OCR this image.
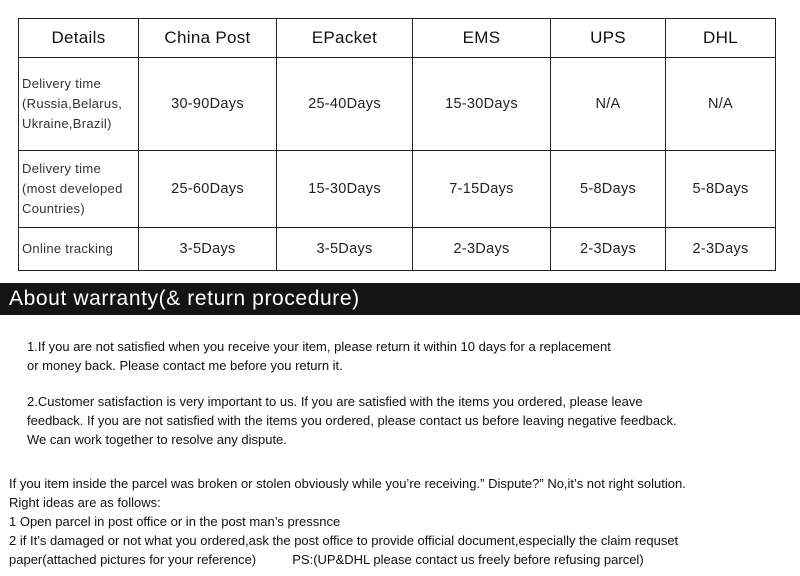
Details	China Post	EPacket	EMS	UPS	DHL

Delivery time
(Russia,Belarus,
Ukraine,Brazil)	30-90Days	25-40Days	15-30Days	N/A	N/A

Delivery time
(most developed
Countries)	25-60Days	15-30Days	7-15Days	5-8Days	5-8Days

Online tracking	3-5Days	3-5Days	2-3Days	2-3Days	2-3Days
About warranty(& return procedure)
1.If you are not satisfied when you receive your item, please return it within 10 days for a replacement
or money back. Please contact me before you return it.
2.Customer satisfaction is very important to us. If you are satisfied with the items you ordered, please leave
feedback. If you are not satisfied with the items you ordered, please contact us before leaving negative feedback.
We can work together to resolve any dispute.
If you item inside the parcel was broken or stolen obviously while you’re receiving.” Dispute?” No,it’s not right solution.
Right ideas are as follows:
1 Open parcel in post office or in the post man’s pressnce
2 if It’s damaged or not what you ordered,ask the post office to provide official document,especially the claim requset
paper(attached pictures for your reference)          PS:(UP&DHL please contact us freely before refusing parcel)
